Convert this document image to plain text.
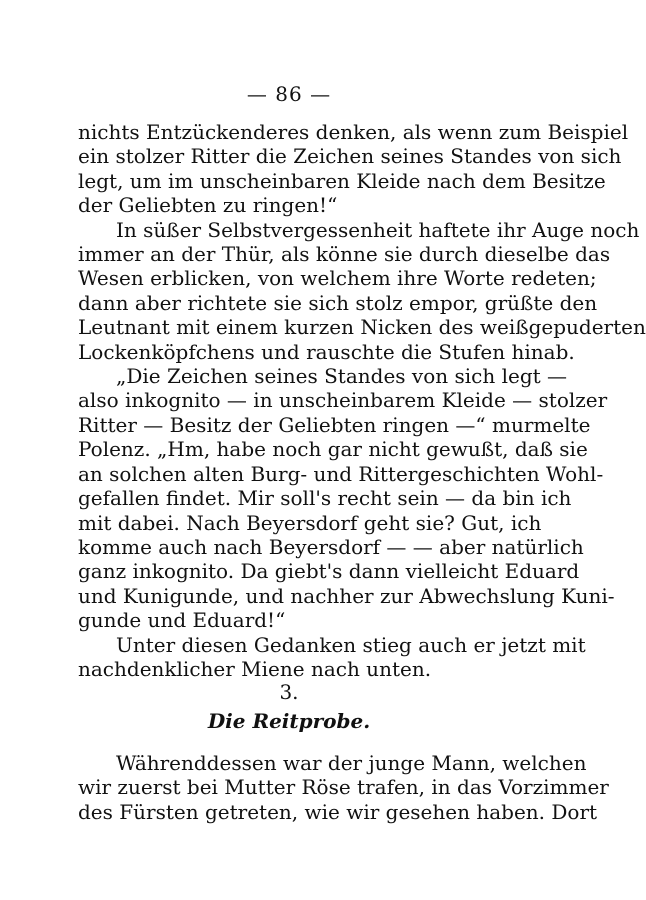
— 86 —
nichts Entzückenderes denken, als wenn zum Beispiel
ein stolzer Ritter die Zeichen seines Standes von sich
legt, um im unscheinbaren Kleide nach dem Besitze
der Geliebten zu ringen!“
In süßer Selbstvergessenheit haftete ihr Auge noch
immer an der Thür, als könne sie durch dieselbe das
Wesen erblicken, von welchem ihre Worte redeten;
dann aber richtete sie sich stolz empor, grüßte den
Leutnant mit einem kurzen Nicken des weißgepuderten
Lockenköpfchens und rauschte die Stufen hinab.
„Die Zeichen seines Standes von sich legt —
also inkognito — in unscheinbarem Kleide — stolzer
Ritter — Besitz der Geliebten ringen —“ murmelte
Polenz. „Hm, habe noch gar nicht gewußt, daß sie
an solchen alten Burg- und Rittergeschichten Wohl-
gefallen findet. Mir soll's recht sein — da bin ich
mit dabei. Nach Beyersdorf geht sie? Gut, ich
komme auch nach Beyersdorf — — aber natürlich
ganz inkognito. Da giebt's dann vielleicht Eduard
und Kunigunde, und nachher zur Abwechslung Kuni-
gunde und Eduard!“
Unter diesen Gedanken stieg auch er jetzt mit
nachdenklicher Miene nach unten.
3.
Die Reitprobe.
Währenddessen war der junge Mann, welchen
wir zuerst bei Mutter Röse trafen, in das Vorzimmer
des Fürsten getreten, wie wir gesehen haben. Dort
